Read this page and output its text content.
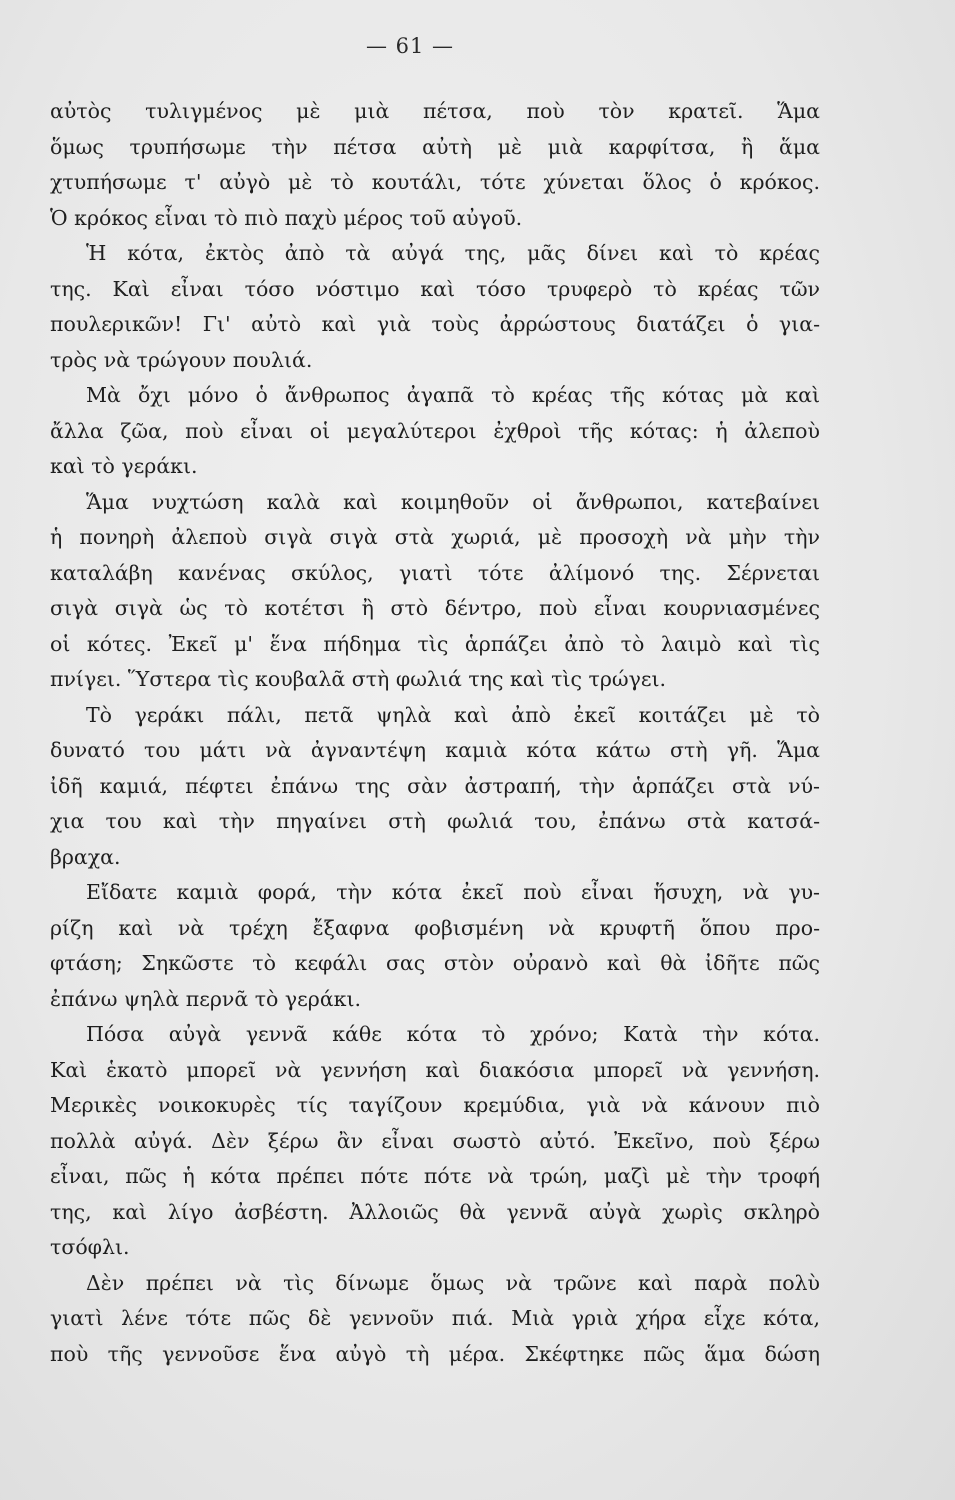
— 61 —
αὐτὸς τυλιγμένος μὲ μιὰ πέτσα, ποὺ τὸν κρατεῖ. Ἅμα
ὅμως τρυπήσωμε τὴν πέτσα αὐτὴ μὲ μιὰ καρφίτσα, ἢ ἅμα
χτυπήσωμε τ' αὐγὸ μὲ τὸ κουτάλι, τότε χύνεται ὅλος ὁ κρόκος.
Ὁ κρόκος εἶναι τὸ πιὸ παχὺ μέρος τοῦ αὐγοῦ.
Ἡ κότα, ἐκτὸς ἀπὸ τὰ αὐγά της, μᾶς δίνει καὶ τὸ κρέας
της. Καὶ εἶναι τόσο νόστιμο καὶ τόσο τρυφερὸ τὸ κρέας τῶν
πουλερικῶν! Γι' αὐτὸ καὶ γιὰ τοὺς ἀρρώστους διατάζει ὁ για-
τρὸς νὰ τρώγουν πουλιά.
Μὰ ὄχι μόνο ὁ ἄνθρωπος ἀγαπᾶ τὸ κρέας τῆς κότας μὰ καὶ
ἄλλα ζῶα, ποὺ εἶναι οἱ μεγαλύτεροι ἐχθροὶ τῆς κότας: ἡ ἀλεποὺ
καὶ τὸ γεράκι.
Ἅμα νυχτώση καλὰ καὶ κοιμηθοῦν οἱ ἄνθρωποι, κατεβαίνει
ἡ πονηρὴ ἀλεποὺ σιγὰ σιγὰ στὰ χωριά, μὲ προσοχὴ νὰ μὴν τὴν
καταλάβη κανένας σκύλος, γιατὶ τότε ἀλίμονό της. Σέρνεται
σιγὰ σιγὰ ὡς τὸ κοτέτσι ἢ στὸ δέντρο, ποὺ εἶναι κουρνιασμένες
οἱ κότες. Ἐκεῖ μ' ἕνα πήδημα τὶς ἁρπάζει ἀπὸ τὸ λαιμὸ καὶ τὶς
πνίγει. Ὕστερα τὶς κουβαλᾶ στὴ φωλιά της καὶ τὶς τρώγει.
Τὸ γεράκι πάλι, πετᾶ ψηλὰ καὶ ἀπὸ ἐκεῖ κοιτάζει μὲ τὸ
δυνατό του μάτι νὰ ἀγναντέψη καμιὰ κότα κάτω στὴ γῆ. Ἅμα
ἰδῆ καμιά, πέφτει ἐπάνω της σὰν ἀστραπή, τὴν ἁρπάζει στὰ νύ-
χια του καὶ τὴν πηγαίνει στὴ φωλιά του, ἐπάνω στὰ κατσά-
βραχα.
Εἴδατε καμιὰ φορά, τὴν κότα ἐκεῖ ποὺ εἶναι ἥσυχη, νὰ γυ-
ρίζη καὶ νὰ τρέχη ἔξαφνα φοβισμένη νὰ κρυφτῆ ὅπου προ-
φτάση; Σηκῶστε τὸ κεφάλι σας στὸν οὐρανὸ καὶ θὰ ἰδῆτε πῶς
ἐπάνω ψηλὰ περνᾶ τὸ γεράκι.
Πόσα αὐγὰ γεννᾶ κάθε κότα τὸ χρόνο; Κατὰ τὴν κότα.
Καὶ ἑκατὸ μπορεῖ νὰ γεννήση καὶ διακόσια μπορεῖ νὰ γεννήση.
Μερικὲς νοικοκυρὲς τίς ταγίζουν κρεμύδια, γιὰ νὰ κάνουν πιὸ
πολλὰ αὐγά. Δὲν ξέρω ἂν εἶναι σωστὸ αὐτό. Ἐκεῖνο, ποὺ ξέρω
εἶναι, πῶς ἡ κότα πρέπει πότε πότε νὰ τρώη, μαζὶ μὲ τὴν τροφή
της, καὶ λίγο ἀσβέστη. Ἀλλοιῶς θὰ γεννᾶ αὐγὰ χωρὶς σκληρὸ
τσόφλι.
Δὲν πρέπει νὰ τὶς δίνωμε ὅμως νὰ τρῶνε καὶ παρὰ πολὺ
γιατὶ λένε τότε πῶς δὲ γεννοῦν πιά. Μιὰ γριὰ χήρα εἶχε κότα,
ποὺ τῆς γεννοῦσε ἕνα αὐγὸ τὴ μέρα. Σκέφτηκε πῶς ἅμα δώση
